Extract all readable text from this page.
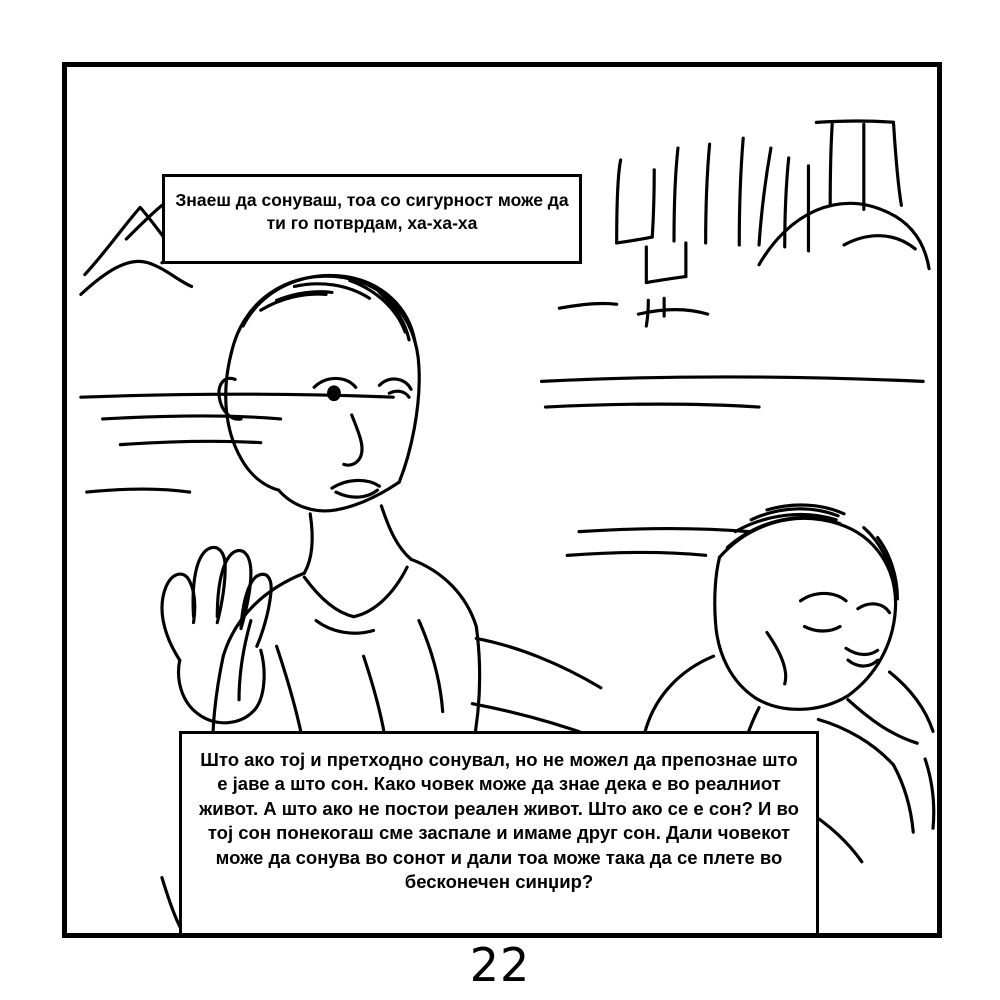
Знаеш да сонуваш, тоа со сигурност може да ти го потврдам, ха-ха-ха
Што ако тој и претходно сонувал, но не можел да препознае што е јаве а што сон. Како човек може да знае дека е во реалниот живот. А што ако не постои реален живот. Што ако се е сон? И во тој сон понекогаш сме заспале и имаме друг сон. Дали човекот може да сонува во сонот и дали тоа може така да се плете во бесконечен синџир?
22
